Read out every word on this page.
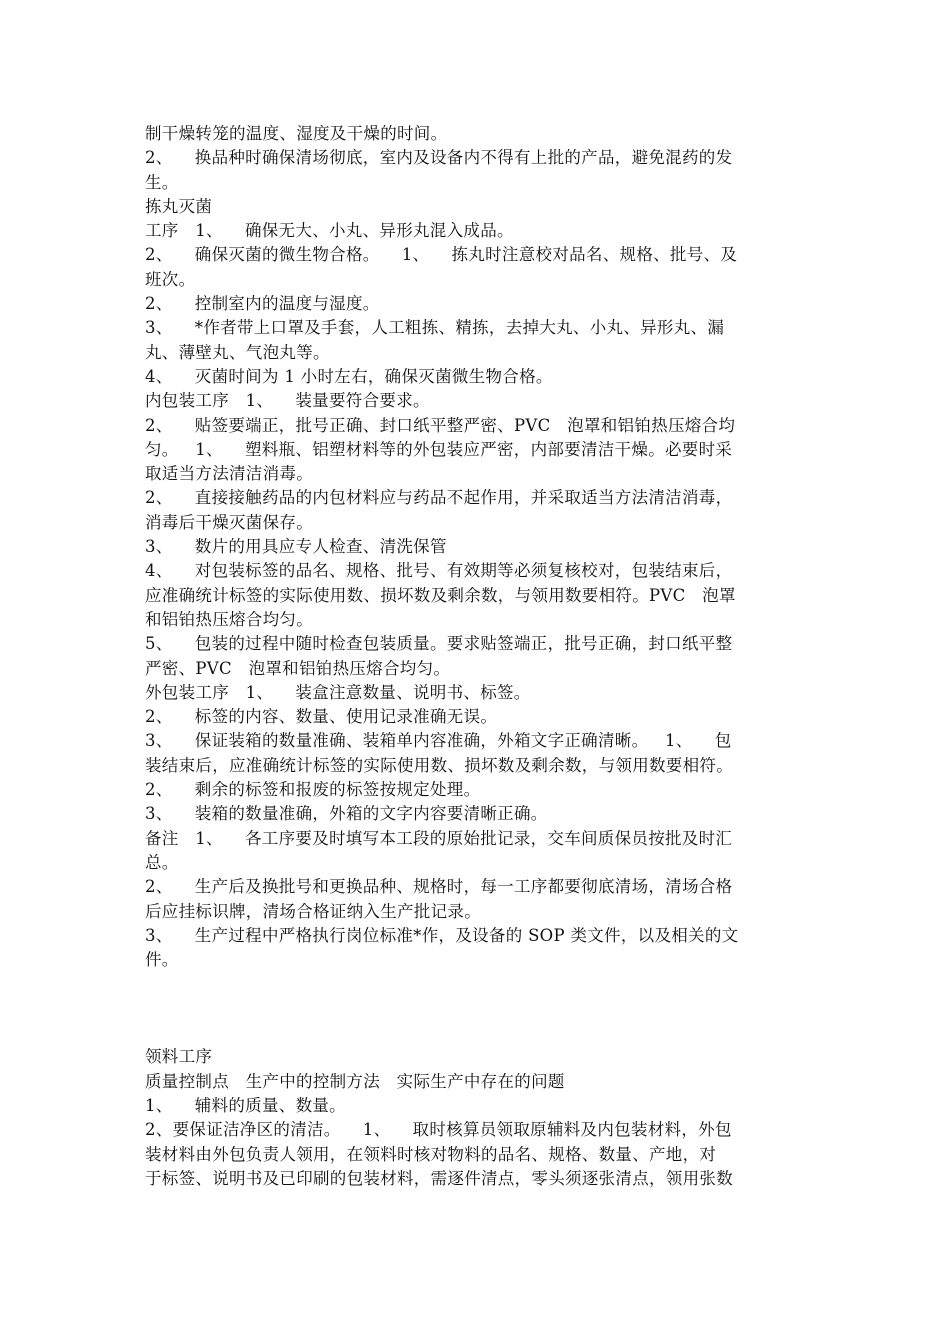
制干燥转笼的温度、湿度及干燥的时间。
2、    换品种时确保清场彻底，室内及设备内不得有上批的产品，避免混药的发
生。
拣丸灭菌
工序   1、    确保无大、小丸、异形丸混入成品。
2、    确保灭菌的微生物合格。    1、    拣丸时注意校对品名、规格、批号、及
班次。
2、    控制室内的温度与湿度。
3、    *作者带上口罩及手套，人工粗拣、精拣，去掉大丸、小丸、异形丸、漏
丸、薄壁丸、气泡丸等。
4、    灭菌时间为 1 小时左右，确保灭菌微生物合格。
内包装工序   1、    装量要符合要求。
2、    贴签要端正，批号正确、封口纸平整严密、PVC   泡罩和铝铂热压熔合均
匀。   1、    塑料瓶、铝塑材料等的外包装应严密，内部要清洁干燥。必要时采
取适当方法清洁消毒。
2、    直接接触药品的内包材料应与药品不起作用，并采取适当方法清洁消毒，
消毒后干燥灭菌保存。
3、    数片的用具应专人检查、清洗保管
4、    对包装标签的品名、规格、批号、有效期等必须复核校对，包装结束后，
应准确统计标签的实际使用数、损坏数及剩余数，与领用数要相符。PVC   泡罩
和铝铂热压熔合均匀。
5、    包装的过程中随时检查包装质量。要求贴签端正，批号正确，封口纸平整
严密、PVC   泡罩和铝铂热压熔合均匀。
外包装工序   1、    装盒注意数量、说明书、标签。
2、    标签的内容、数量、使用记录准确无误。
3、    保证装箱的数量准确、装箱单内容准确，外箱文字正确清晰。   1、    包
装结束后，应准确统计标签的实际使用数、损坏数及剩余数，与领用数要相符。
2、    剩余的标签和报废的标签按规定处理。
3、    装箱的数量准确，外箱的文字内容要清晰正确。
备注   1、    各工序要及时填写本工段的原始批记录，交车间质保员按批及时汇
总。
2、    生产后及换批号和更换品种、规格时，每一工序都要彻底清场，清场合格
后应挂标识牌，清场合格证纳入生产批记录。
3、    生产过程中严格执行岗位标准*作，及设备的 SOP 类文件，以及相关的文
件。
领料工序
质量控制点   生产中的控制方法   实际生产中存在的问题
1、    辅料的质量、数量。
2、要保证洁净区的清洁。    1、    取时核算员领取原辅料及内包装材料，外包
装材料由外包负责人领用，在领料时核对物料的品名、规格、数量、产地，对
于标签、说明书及已印刷的包装材料，需逐件清点，零头须逐张清点，领用张数
